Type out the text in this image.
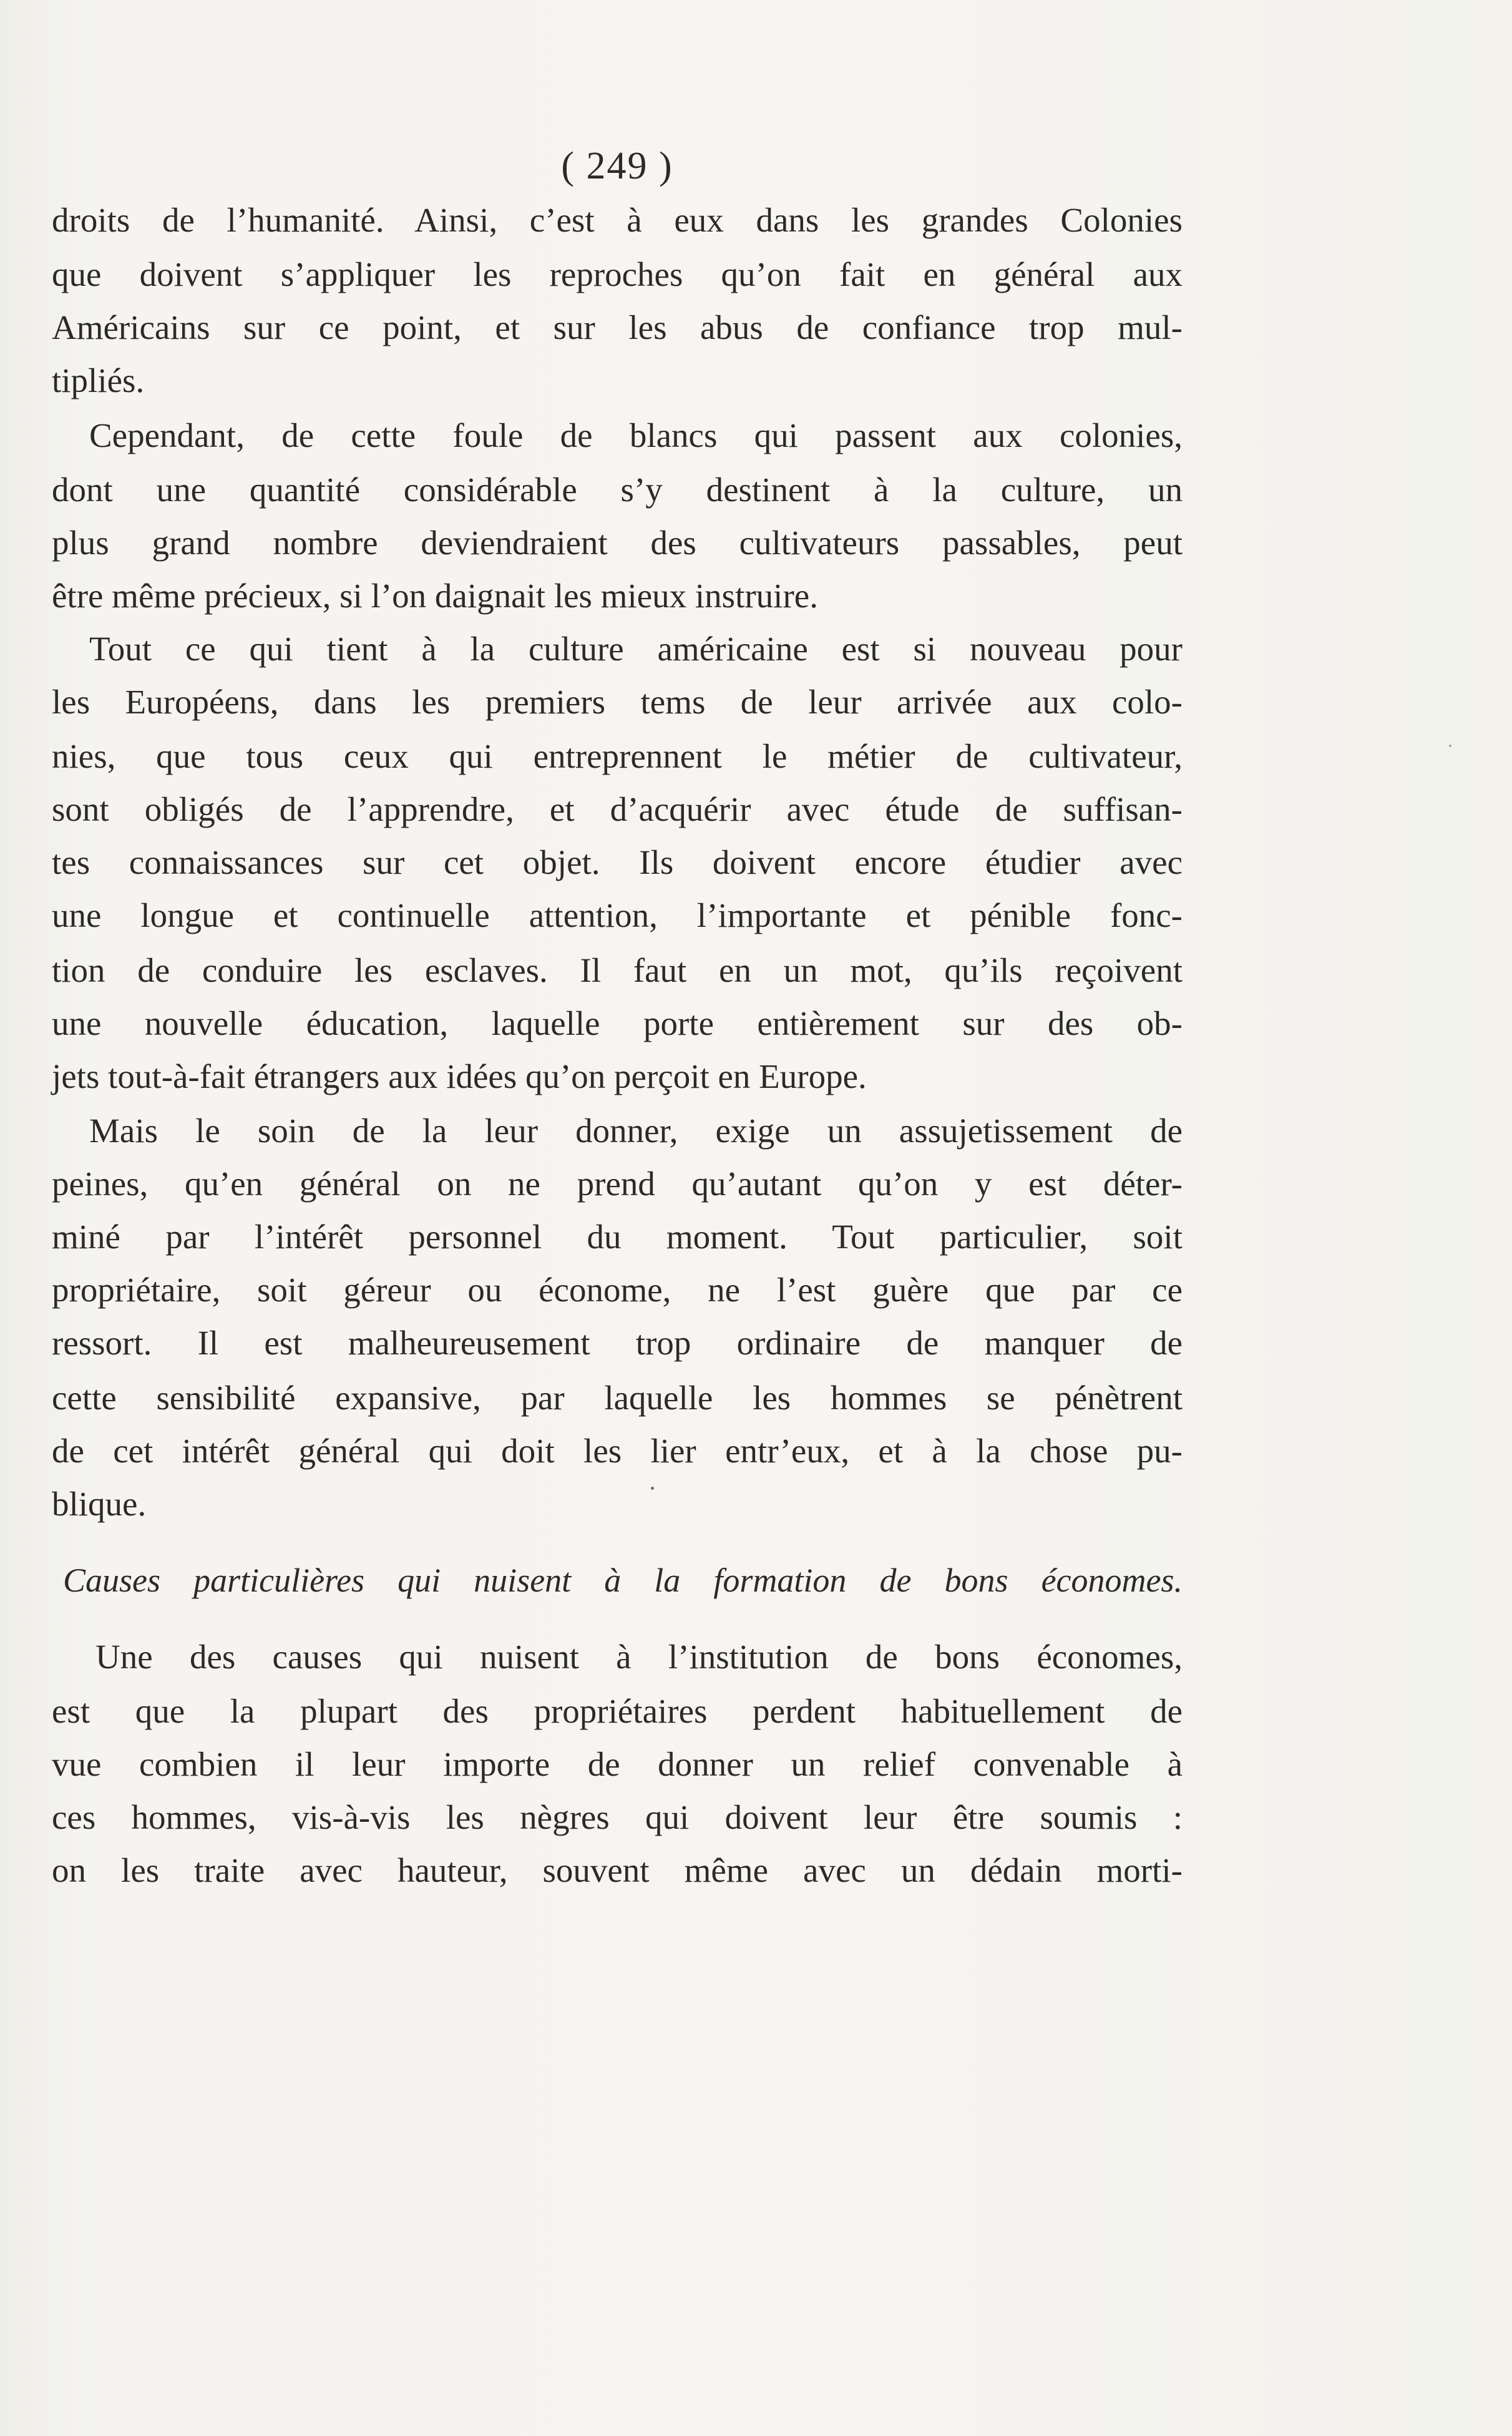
( 249 )
droits de l’humanité. Ainsi, c’est à eux dans les grandes Colonies
que doivent s’appliquer les reproches qu’on fait en général aux
Américains sur ce point, et sur les abus de confiance trop mul-
tipliés.
Cependant, de cette foule de blancs qui passent aux colonies,
dont une quantité considérable s’y destinent à la culture, un
plus grand nombre deviendraient des cultivateurs passables, peut
être même précieux, si l’on daignait les mieux instruire.
Tout ce qui tient à la culture américaine est si nouveau pour
les Européens, dans les premiers tems de leur arrivée aux colo-
nies, que tous ceux qui entreprennent le métier de cultivateur,
sont obligés de l’apprendre, et d’acquérir avec étude de suffisan-
tes connaissances sur cet objet. Ils doivent encore étudier avec
une longue et continuelle attention, l’importante et pénible fonc-
tion de conduire les esclaves. Il faut en un mot, qu’ils reçoivent
une nouvelle éducation, laquelle porte entièrement sur des ob-
jets tout-à-fait étrangers aux idées qu’on perçoit en Europe.
Mais le soin de la leur donner, exige un assujetissement de
peines, qu’en général on ne prend qu’autant qu’on y est déter-
miné par l’intérêt personnel du moment. Tout particulier, soit
propriétaire, soit géreur ou économe, ne l’est guère que par ce
ressort. Il est malheureusement trop ordinaire de manquer de
cette sensibilité expansive, par laquelle les hommes se pénètrent
de cet intérêt général qui doit les lier entr’eux, et à la chose pu-
blique.
Causes particulières qui nuisent à la formation de bons économes.
Une des causes qui nuisent à l’institution de bons économes,
est que la plupart des propriétaires perdent habituellement de
vue combien il leur importe de donner un relief convenable à
ces hommes, vis-à-vis les nègres qui doivent leur être soumis :
on les traite avec hauteur, souvent même avec un dédain morti-
